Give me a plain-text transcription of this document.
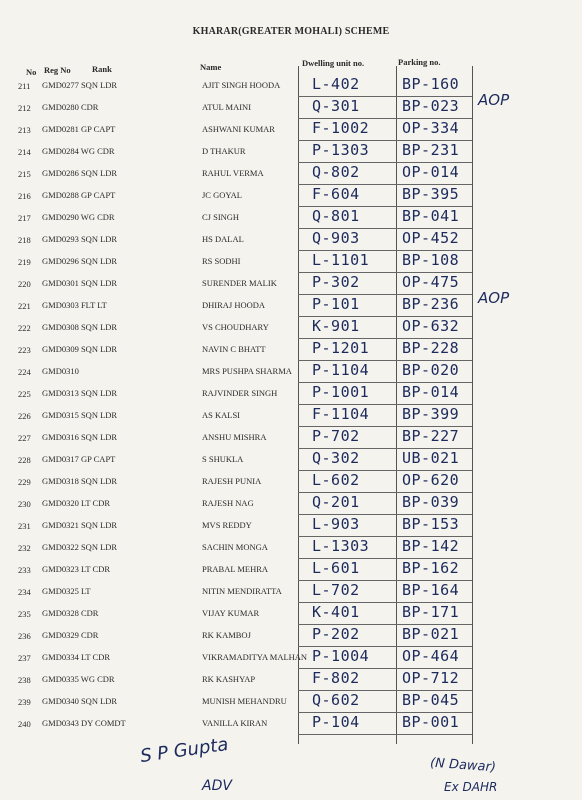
KHARAR(GREATER MOHALI) SCHEME
No Reg No	Rank	Name	Dwelling unit no.	Parking no.
211 GMD0277 SQN LDR	AJIT SINGH HOODA L-402	BP-160
212 GMD0280 CDR	ATUL MAINI	Q-301	BP-023 AOP
213 GMD0281 GP CAPT	ASHWANI KUMAR F-1002 OP-334
214 GMD0284 WG CDR	D THAKUR	P-1303 BP-231
215 GMD0286 SQN LDR	RAHUL VERMA	Q-802	OP-014
216 GMD0288 GP CAPT	JC GOYAL	F-604	BP-395
217 GMD0290 WG CDR	CJ SINGH	Q-801	BP-041
218 GMD0293 SQN LDR	HS DALAL	Q-903	OP-452
219 GMD0296 SQN LDR	RS SODHI	L-1101 BP-108
220 GMD0301 SQN LDR	SURENDER MALIK P-302	OP-475
221 GMD0303 FLT LT	DHIRAJ HOODA	P-101	BP-236 AOP
222 GMD0308 SQN LDR	VS CHOUDHARY	K-901	OP-632
223 GMD0309 SQN LDR	NAVIN C BHATT	P-1201 BP-228
224 GMD0310	MRS PUSHPA SHARMA P-1104 BP-020
225 GMD0313 SQN LDR	RAJVINDER SINGH P-1001 BP-014
226 GMD0315 SQN LDR	AS KALSI	F-1104 BP-399
227 GMD0316 SQN LDR	ANSHU MISHRA	P-702	BP-227
228 GMD0317 GP CAPT	S SHUKLA	Q-302	UB-021
229 GMD0318 SQN LDR	RAJESH PUNIA	L-602	OP-620
230 GMD0320 LT CDR	RAJESH NAG	Q-201	BP-039
231 GMD0321 SQN LDR	MVS REDDY	L-903	BP-153
232 GMD0322 SQN LDR	SACHIN MONGA	L-1303 BP-142
233 GMD0323 LT CDR	PRABAL MEHRA	L-601	BP-162
234 GMD0325 LT	NITIN MENDIRATTA L-702	BP-164
235 GMD0328 CDR	VIJAY KUMAR	K-401	BP-171
236 GMD0329 CDR	RK KAMBOJ	P-202	BP-021
237 GMD0334 LT CDR	VIKRAMADITYA MALHAN P-1004 OP-464
238 GMD0335 WG CDR	RK KASHYAP	F-802	OP-712
239 GMD0340 SQN LDR	MUNISH MEHANDRU Q-602	BP-045
240 GMD0343 DY COMDT	VANILLA KIRAN	P-104	BP-001
S P Gupta
ADV
(N Dawar)
Ex DAHR
